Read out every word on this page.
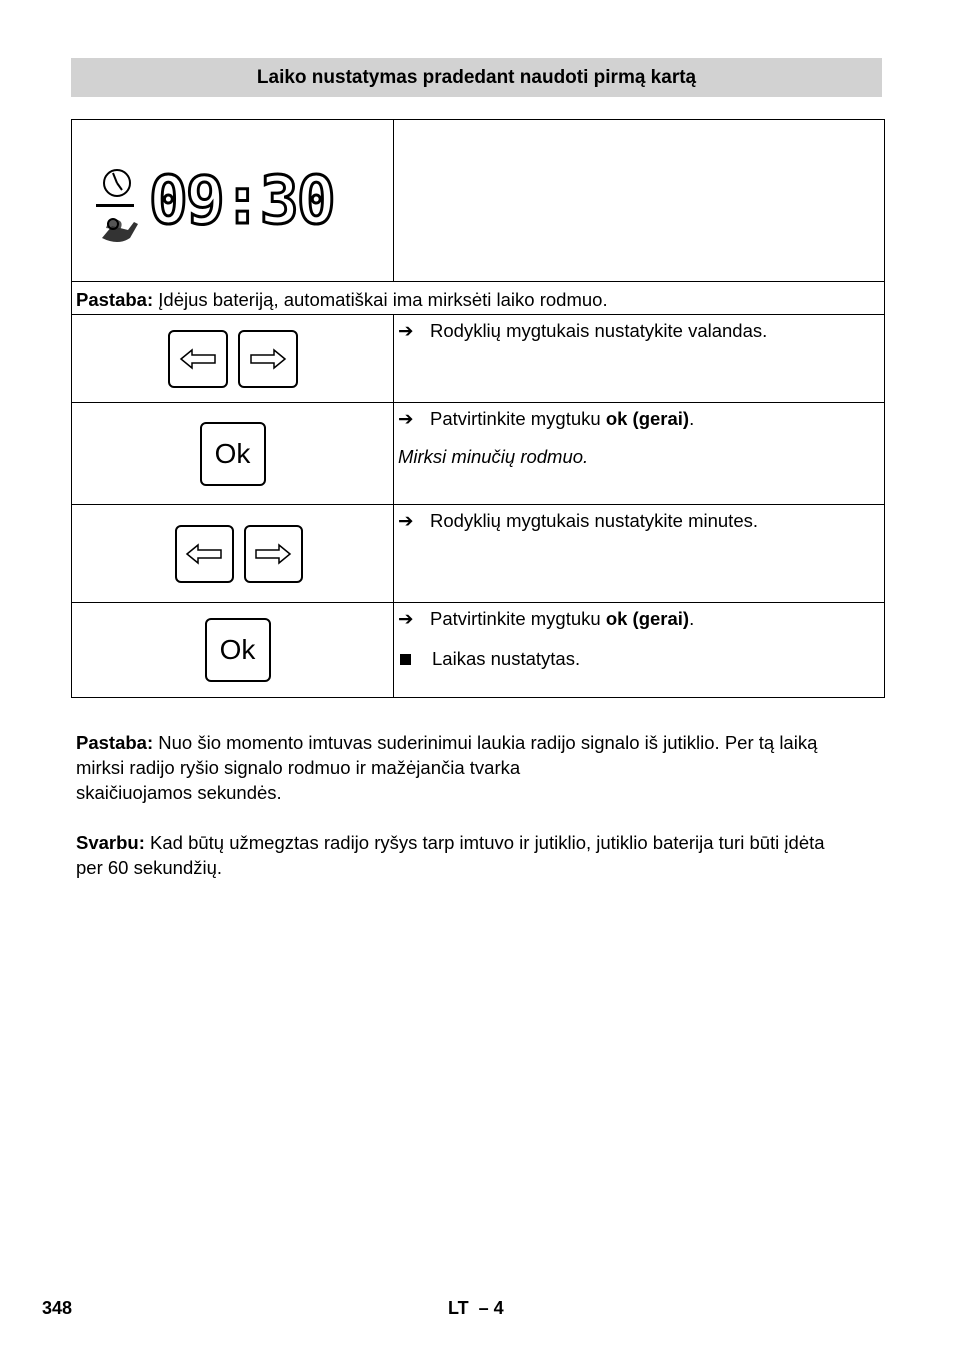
Laiko nustatymas pradedant naudoti pirmą kartą
09:30	

Pastaba: Įdėjus bateriją, automatiškai ima mirksėti laiko rodmuo.	

➔ Rodyklių mygtukais nustatykite valandas.

Ok	➔ Patvirtinkite mygtuku ok (gerai).
Mirksi minučių rodmuo.

➔ Rodyklių mygtukais nustatykite minutes.

Ok	➔ Patvirtinkite mygtuku ok (gerai).
Laikas nustatytas.
Pastaba: Nuo šio momento imtuvas suderinimui laukia radijo signalo iš jutiklio. Per tą laiką
mirksi radijo ryšio signalo rodmuo ir mažėjančia tvarka
skaičiuojamos sekundės.
Svarbu: Kad būtų užmegztas radijo ryšys tarp imtuvo ir jutiklio, jutiklio baterija turi būti įdėta
per 60 sekundžių.
348	LT  – 4
